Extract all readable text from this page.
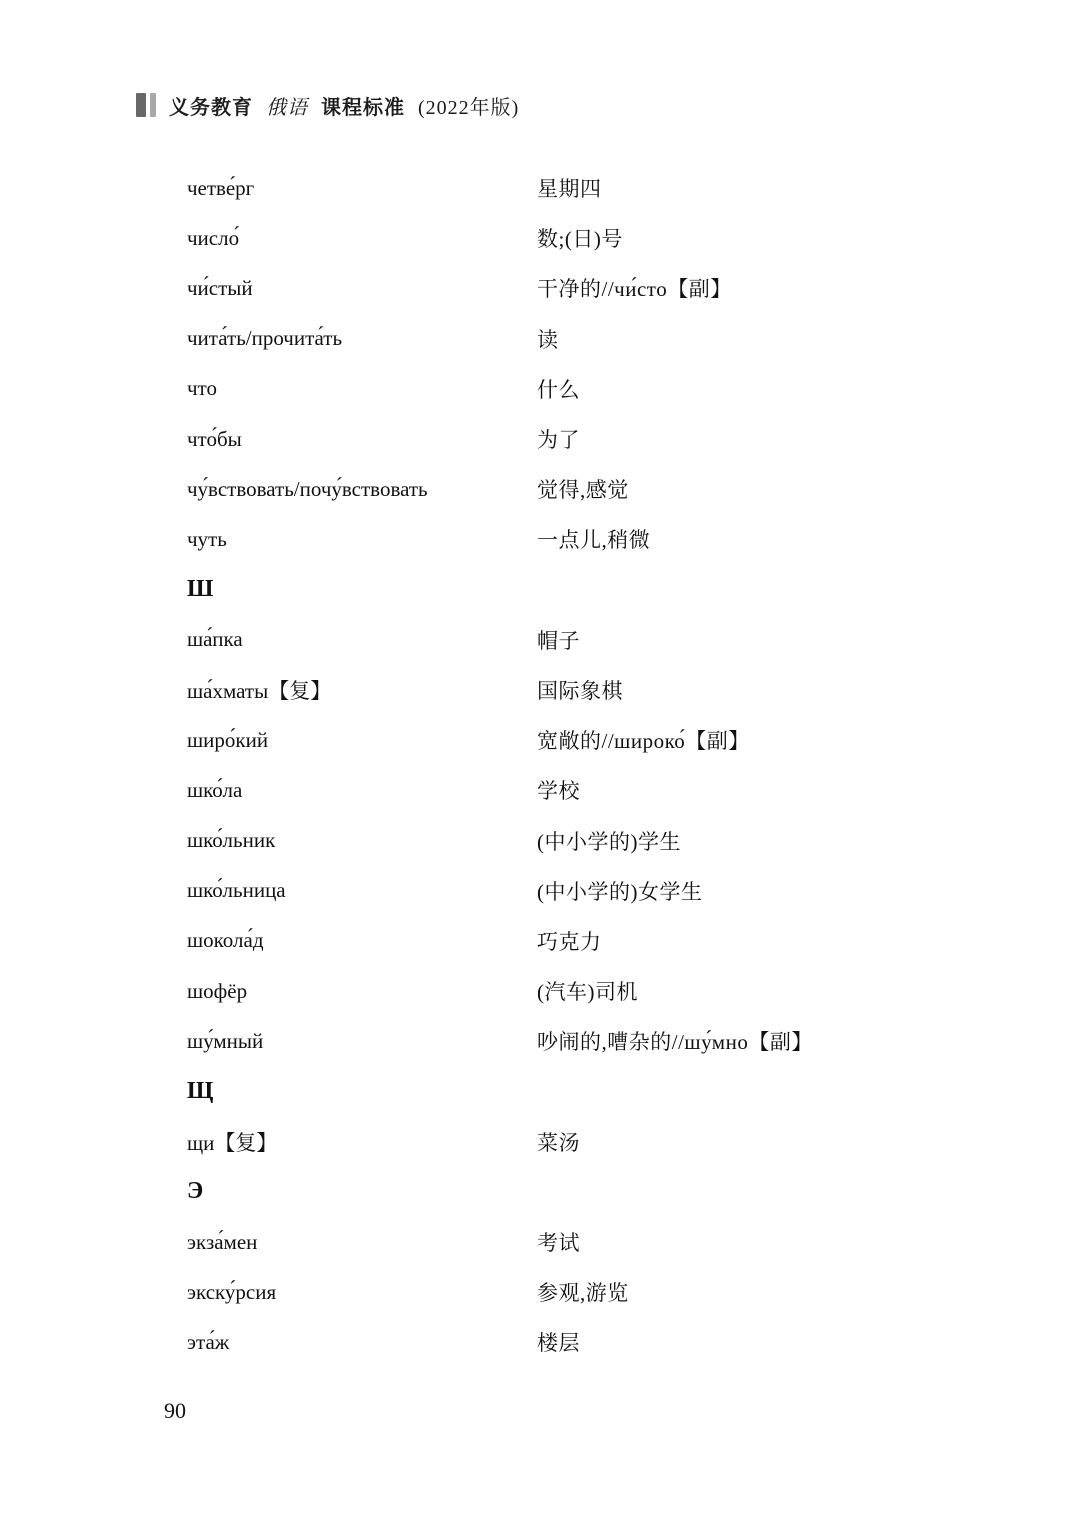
义务教育 俄语 课程标准 (2022年版)
четве́рг	星期四
число́	数;(日)号
чи́стый	干净的//чи́сто【副】
чита́ть/прочита́ть	读
что	什么
что́бы	为了
чу́вствовать/почу́вствовать	觉得,感觉
чуть	一点儿,稍微
Ш
ша́пка	帽子
ша́хматы【复】	国际象棋
широ́кий	宽敞的//широко́【副】
шко́ла	学校
шко́льник	(中小学的)学生
шко́льница	(中小学的)女学生
шокола́д	巧克力
шофёр	(汽车)司机
шу́мный	吵闹的,嘈杂的//шу́мно【副】
Щ
щи【复】	菜汤
Э
экза́мен	考试
экску́рсия	参观,游览
эта́ж	楼层
90
